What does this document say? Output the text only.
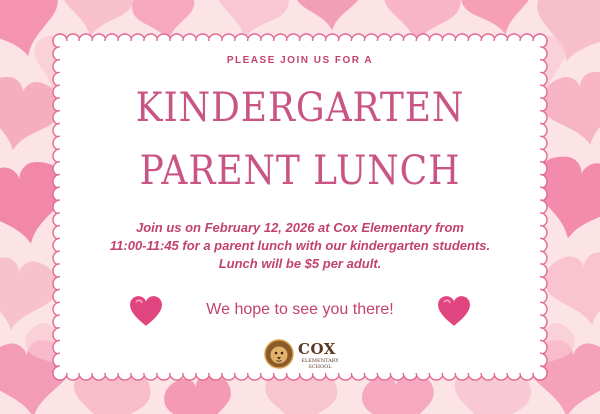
PLEASE JOIN US FOR A
KINDERGARTEN
PARENT LUNCH
Join us on February 12, 2026 at Cox Elementary from
11:00-11:45 for a parent lunch with our kindergarten students.
Lunch will be $5 per adult.
We hope to see you there!
COX
ELEMENTARY
SCHOOL
